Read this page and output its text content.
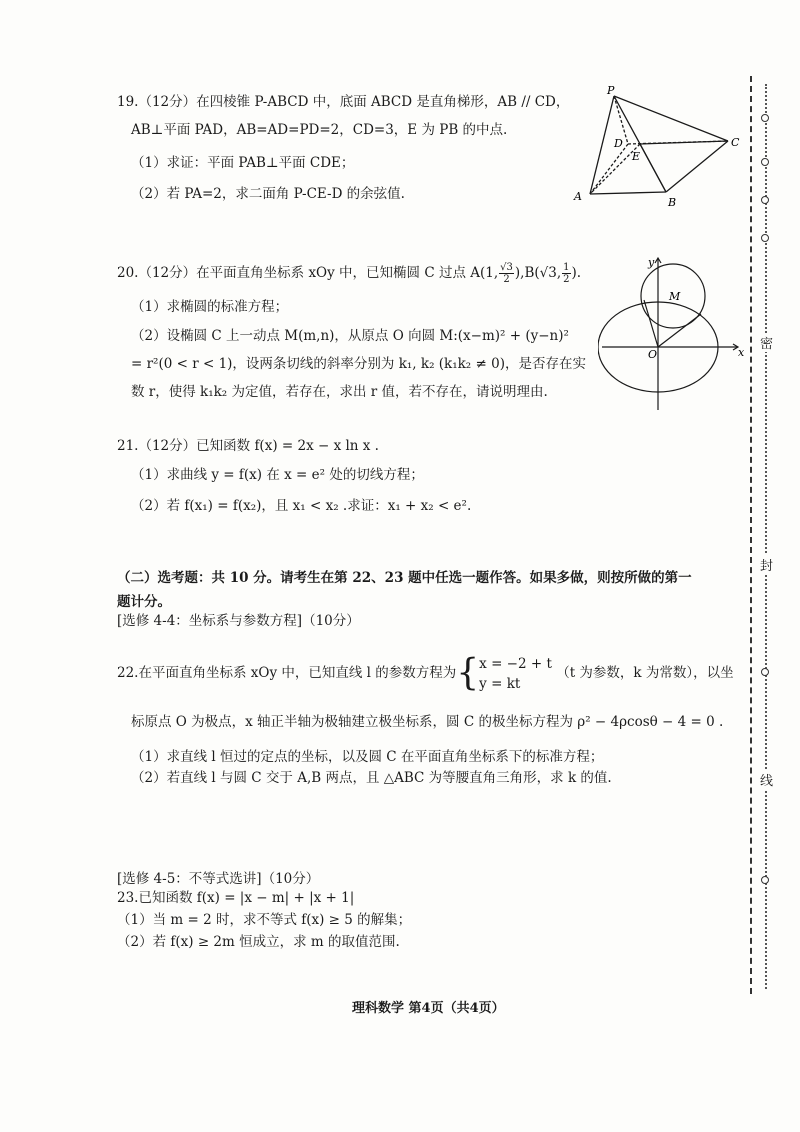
19.（12分）在四棱锥 P-ABCD 中，底面 ABCD 是直角梯形，AB // CD，
AB⊥平面 PAD，AB=AD=PD=2，CD=3，E 为 PB 的中点.
（1）求证：平面 PAB⊥平面 CDE；
（2）若 PA=2，求二面角 P-CE-D 的余弦值.
P
D
E
C
A	B
20.（12分）在平面直角坐标系 xOy 中，已知椭圆 C 过点 A(1, $\frac{√3}{2} ),B(√3$, $\frac{1}{2}$ ).
（1）求椭圆的标准方程；
（2）设椭圆 C 上一动点 M(m,n)，从原点 O 向圆 M:(x−m)² + (y−n)²
= r²(0 < r < 1)，设两条切线的斜率分别为 k₁, k₂ (k₁k₂ ≠ 0)，是否存在实
数 r，使得 k₁k₂ 为定值，若存在，求出 r 值，若不存在，请说明理由.
y
x
M
O
21.（12分）已知函数 f(x) = 2x − x ln x .
（1）求曲线 y = f(x) 在 x = e² 处的切线方程；
（2）若 f(x₁) = f(x₂)，且 x₁ < x₂ .求证：x₁ + x₂ < e².
（二）选考题：共 10 分。请考生在第 22、23 题中任选一题作答。如果多做，则按所做的第一
题计分。
[选修 4-4：坐标系与参数方程]（10分）
22.在平面直角坐标系 xOy 中，已知直线 l 的参数方程为{ x = −2 + t
y = kt
（t 为参数，k 为常数），以坐
标原点 O 为极点，x 轴正半轴为极轴建立极坐标系，圆 C 的极坐标方程为 ρ² − 4ρcosθ − 4 = 0 .
（1）求直线 l 恒过的定点的坐标，以及圆 C 在平面直角坐标系下的标准方程；
（2）若直线 l 与圆 C 交于 A,B 两点，且 △ABC 为等腰直角三角形，求 k 的值.
[选修 4-5：不等式选讲]（10分）
23.已知函数 f(x) = |x − m| + |x + 1|
（1）当 m = 2 时，求不等式 f(x) ≥ 5 的解集；
（2）若 f(x) ≥ 2m 恒成立，求 m 的取值范围.
理科数学 第4页（共4页）
密
封
线
